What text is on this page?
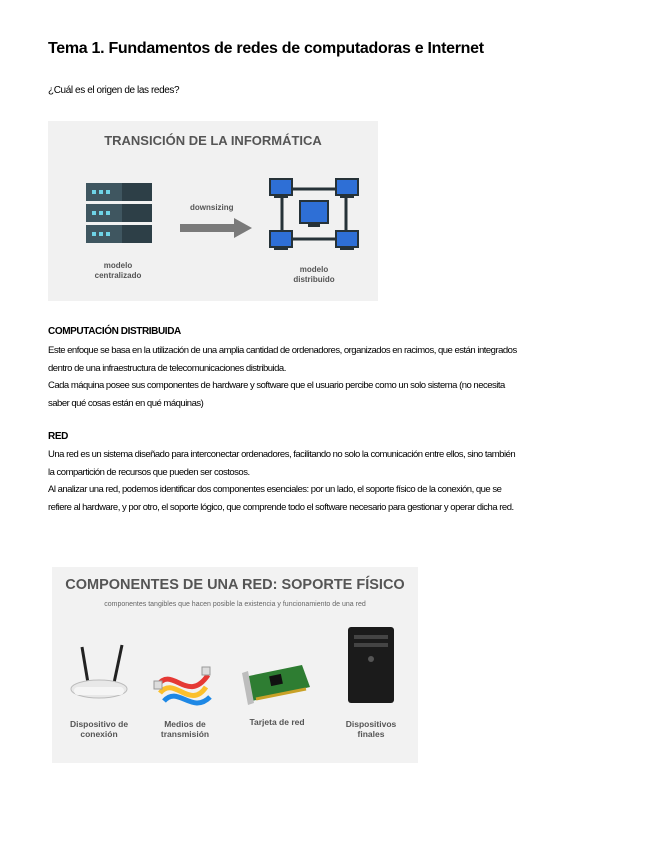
Tema 1. Fundamentos de redes de computadoras e Internet
¿Cuál es el origen de las redes?
TRANSICIÓN DE LA INFORMÁTICA
downsizing
modelo
centralizado
modelo
distribuido
COMPUTACIÓN DISTRIBUIDA
Este enfoque se basa en la utilización de una amplia cantidad de ordenadores, organizados en racimos, que están integrados
dentro de una infraestructura de telecomunicaciones distribuida.
Cada máquina posee sus componentes de hardware y software que el usuario percibe como un solo sistema (no necesita
saber qué cosas están en qué máquinas)
RED
Una red es un sistema diseñado para interconectar ordenadores, facilitando no solo la comunicación entre ellos, sino también
la compartición de recursos que pueden ser costosos.
Al analizar una red, podemos identificar dos componentes esenciales: por un lado, el soporte físico de la conexión, que se
refiere al hardware, y por otro, el soporte lógico, que comprende todo el software necesario para gestionar y operar dicha red.
COMPONENTES DE UNA RED: SOPORTE FÍSICO
componentes tangibles que hacen posible la existencia y funcionamiento de una red
Dispositivo de
conexión
Medios de
transmisión
Tarjeta de red	Dispositivos
finales
